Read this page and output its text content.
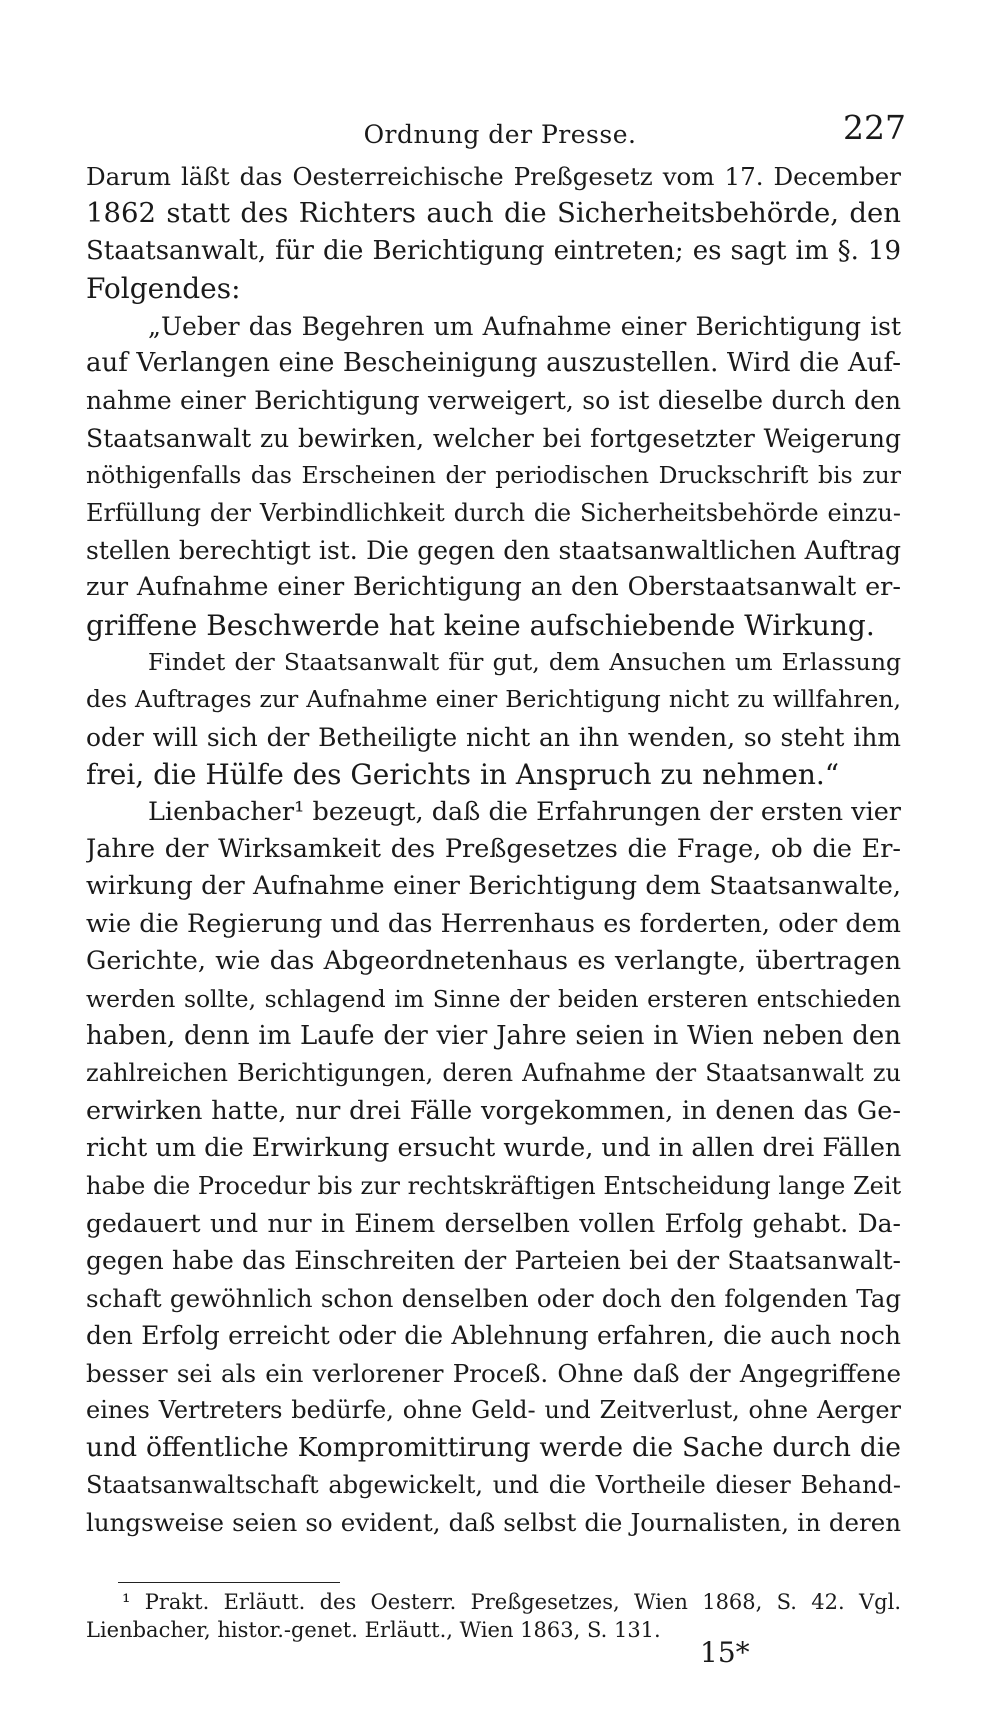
Ordnung der Presse.	227
Darum läßt das Oesterreichische Preßgesetz vom 17. December
1862 statt des Richters auch die Sicherheitsbehörde, den
Staatsanwalt, für die Berichtigung eintreten; es sagt im §. 19
Folgendes:
„Ueber das Begehren um Aufnahme einer Berichtigung ist
auf Verlangen eine Bescheinigung auszustellen. Wird die Auf-
nahme einer Berichtigung verweigert, so ist dieselbe durch den
Staatsanwalt zu bewirken, welcher bei fortgesetzter Weigerung
nöthigenfalls das Erscheinen der periodischen Druckschrift bis zur
Erfüllung der Verbindlichkeit durch die Sicherheitsbehörde einzu-
stellen berechtigt ist. Die gegen den staatsanwaltlichen Auftrag
zur Aufnahme einer Berichtigung an den Oberstaatsanwalt er-
griffene Beschwerde hat keine aufschiebende Wirkung.
Findet der Staatsanwalt für gut, dem Ansuchen um Erlassung
des Auftrages zur Aufnahme einer Berichtigung nicht zu willfahren,
oder will sich der Betheiligte nicht an ihn wenden, so steht ihm
frei, die Hülfe des Gerichts in Anspruch zu nehmen.“
Lienbacher¹ bezeugt, daß die Erfahrungen der ersten vier
Jahre der Wirksamkeit des Preßgesetzes die Frage, ob die Er-
wirkung der Aufnahme einer Berichtigung dem Staatsanwalte,
wie die Regierung und das Herrenhaus es forderten, oder dem
Gerichte, wie das Abgeordnetenhaus es verlangte, übertragen
werden sollte, schlagend im Sinne der beiden ersteren entschieden
haben, denn im Laufe der vier Jahre seien in Wien neben den
zahlreichen Berichtigungen, deren Aufnahme der Staatsanwalt zu
erwirken hatte, nur drei Fälle vorgekommen, in denen das Ge-
richt um die Erwirkung ersucht wurde, und in allen drei Fällen
habe die Procedur bis zur rechtskräftigen Entscheidung lange Zeit
gedauert und nur in Einem derselben vollen Erfolg gehabt. Da-
gegen habe das Einschreiten der Parteien bei der Staatsanwalt-
schaft gewöhnlich schon denselben oder doch den folgenden Tag
den Erfolg erreicht oder die Ablehnung erfahren, die auch noch
besser sei als ein verlorener Proceß. Ohne daß der Angegriffene
eines Vertreters bedürfe, ohne Geld- und Zeitverlust, ohne Aerger
und öffentliche Kompromittirung werde die Sache durch die
Staatsanwaltschaft abgewickelt, und die Vortheile dieser Behand-
lungsweise seien so evident, daß selbst die Journalisten, in deren
¹ Prakt. Erläutt. des Oesterr. Preßgesetzes, Wien 1868, S. 42. Vgl.
Lienbacher, histor.-genet. Erläutt., Wien 1863, S. 131.
15*
